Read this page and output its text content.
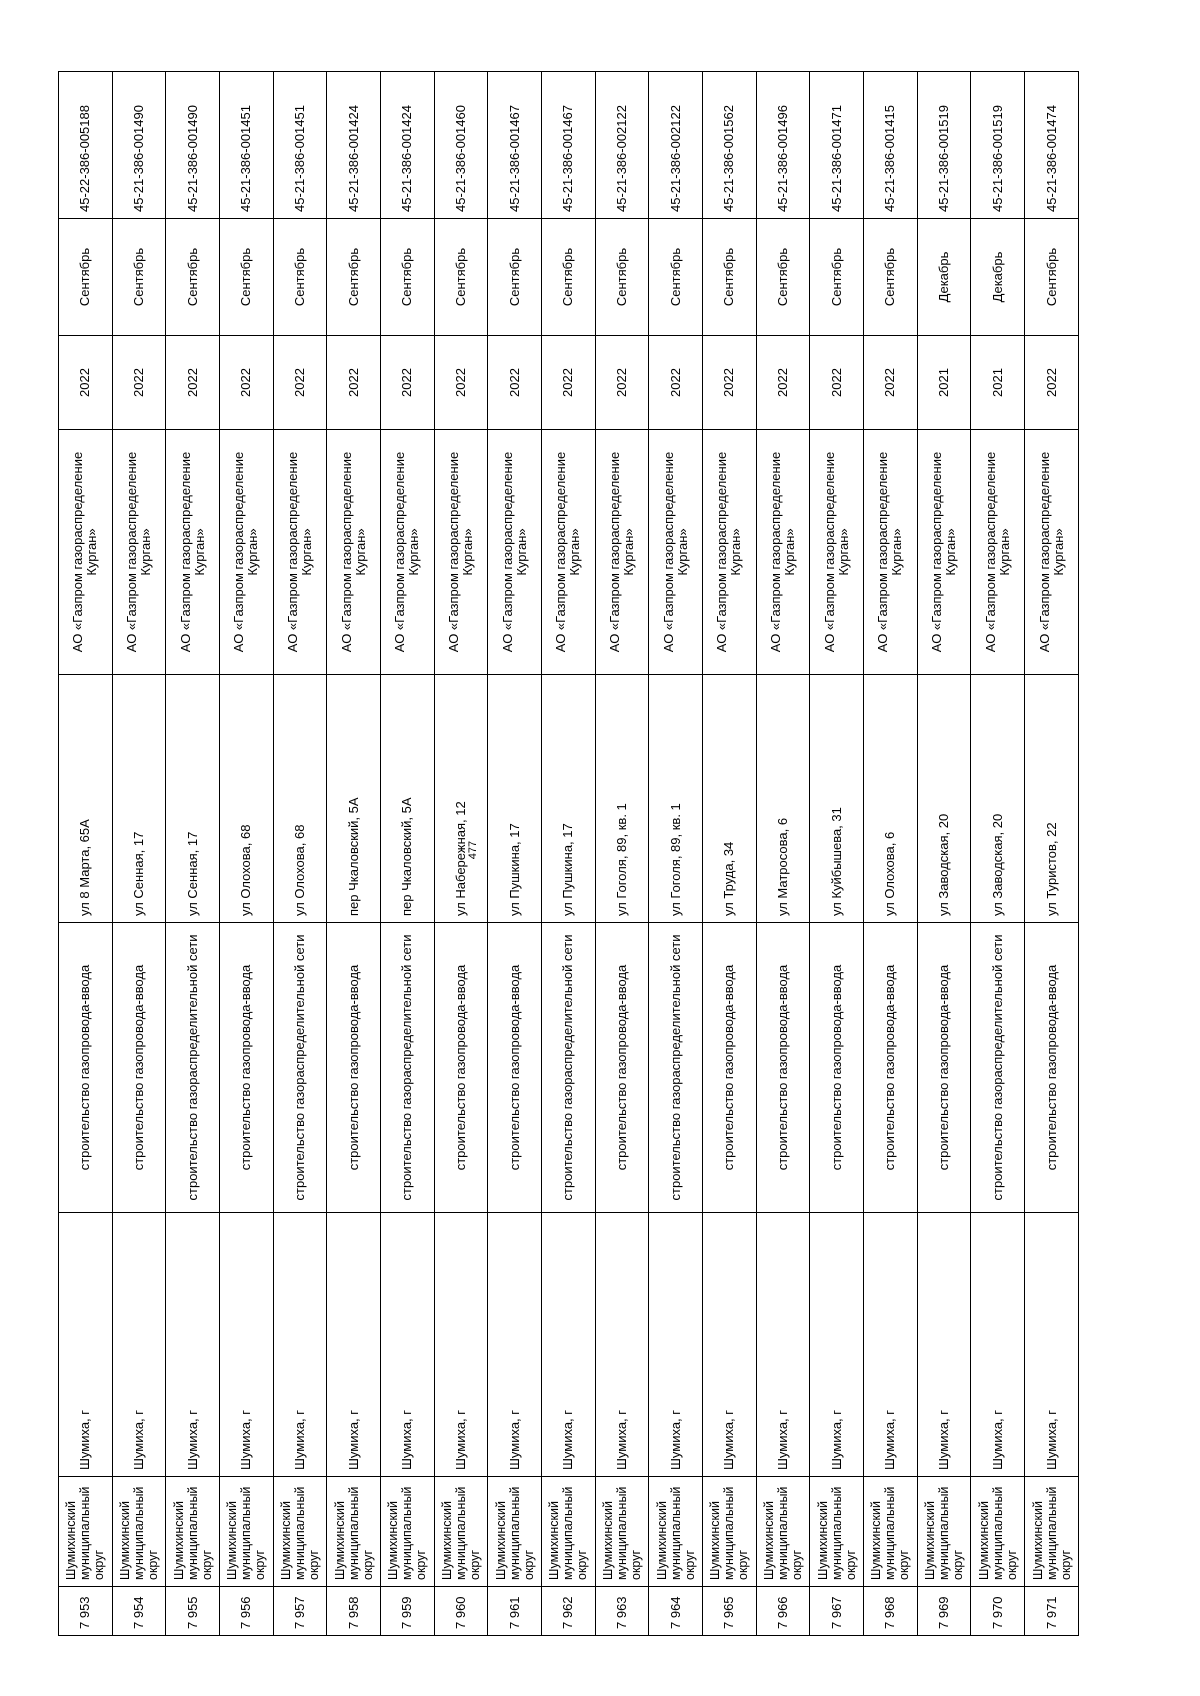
477
7 953	Шумихинский муниципальный округ	Шумиха, г	строительство газопровода-ввода	ул 8 Марта, 65А	АО «Газпром газораспределение Курган»	2022	Сентябрь	45-22-386-005188
7 954	Шумихинский муниципальный округ	Шумиха, г	строительство газопровода-ввода	ул Сенная, 17	АО «Газпром газораспределение Курган»	2022	Сентябрь	45-21-386-001490
7 955	Шумихинский муниципальный округ	Шумиха, г	строительство газораспределительной сети	ул Сенная, 17	АО «Газпром газораспределение Курган»	2022	Сентябрь	45-21-386-001490
7 956	Шумихинский муниципальный округ	Шумиха, г	строительство газопровода-ввода	ул Олохова, 68	АО «Газпром газораспределение Курган»	2022	Сентябрь	45-21-386-001451
7 957	Шумихинский муниципальный округ	Шумиха, г	строительство газораспределительной сети	ул Олохова, 68	АО «Газпром газораспределение Курган»	2022	Сентябрь	45-21-386-001451
7 958	Шумихинский муниципальный округ	Шумиха, г	строительство газопровода-ввода	пер Чкаловский, 5А	АО «Газпром газораспределение Курган»	2022	Сентябрь	45-21-386-001424
7 959	Шумихинский муниципальный округ	Шумиха, г	строительство газораспределительной сети	пер Чкаловский, 5А	АО «Газпром газораспределение Курган»	2022	Сентябрь	45-21-386-001424
7 960	Шумихинский муниципальный округ	Шумиха, г	строительство газопровода-ввода	ул Набережная, 12	АО «Газпром газораспределение Курган»	2022	Сентябрь	45-21-386-001460
7 961	Шумихинский муниципальный округ	Шумиха, г	строительство газопровода-ввода	ул Пушкина, 17	АО «Газпром газораспределение Курган»	2022	Сентябрь	45-21-386-001467
7 962	Шумихинский муниципальный округ	Шумиха, г	строительство газораспределительной сети	ул Пушкина, 17	АО «Газпром газораспределение Курган»	2022	Сентябрь	45-21-386-001467
7 963	Шумихинский муниципальный округ	Шумиха, г	строительство газопровода-ввода	ул Гоголя, 89, кв. 1	АО «Газпром газораспределение Курган»	2022	Сентябрь	45-21-386-002122
7 964	Шумихинский муниципальный округ	Шумиха, г	строительство газораспределительной сети	ул Гоголя, 89, кв. 1	АО «Газпром газораспределение Курган»	2022	Сентябрь	45-21-386-002122
7 965	Шумихинский муниципальный округ	Шумиха, г	строительство газопровода-ввода	ул Труда, 34	АО «Газпром газораспределение Курган»	2022	Сентябрь	45-21-386-001562
7 966	Шумихинский муниципальный округ	Шумиха, г	строительство газопровода-ввода	ул Матросова, 6	АО «Газпром газораспределение Курган»	2022	Сентябрь	45-21-386-001496
7 967	Шумихинский муниципальный округ	Шумиха, г	строительство газопровода-ввода	ул Куйбышева, 31	АО «Газпром газораспределение Курган»	2022	Сентябрь	45-21-386-001471
7 968	Шумихинский муниципальный округ	Шумиха, г	строительство газопровода-ввода	ул Олохова, 6	АО «Газпром газораспределение Курган»	2022	Сентябрь	45-21-386-001415
7 969	Шумихинский муниципальный округ	Шумиха, г	строительство газопровода-ввода	ул Заводская, 20	АО «Газпром газораспределение Курган»	2021	Декабрь	45-21-386-001519
7 970	Шумихинский муниципальный округ	Шумиха, г	строительство газораспределительной сети	ул Заводская, 20	АО «Газпром газораспределение Курган»	2021	Декабрь	45-21-386-001519
7 971	Шумихинский муниципальный округ	Шумиха, г	строительство газопровода-ввода	ул Туристов, 22	АО «Газпром газораспределение Курган»	2022	Сентябрь	45-21-386-001474
